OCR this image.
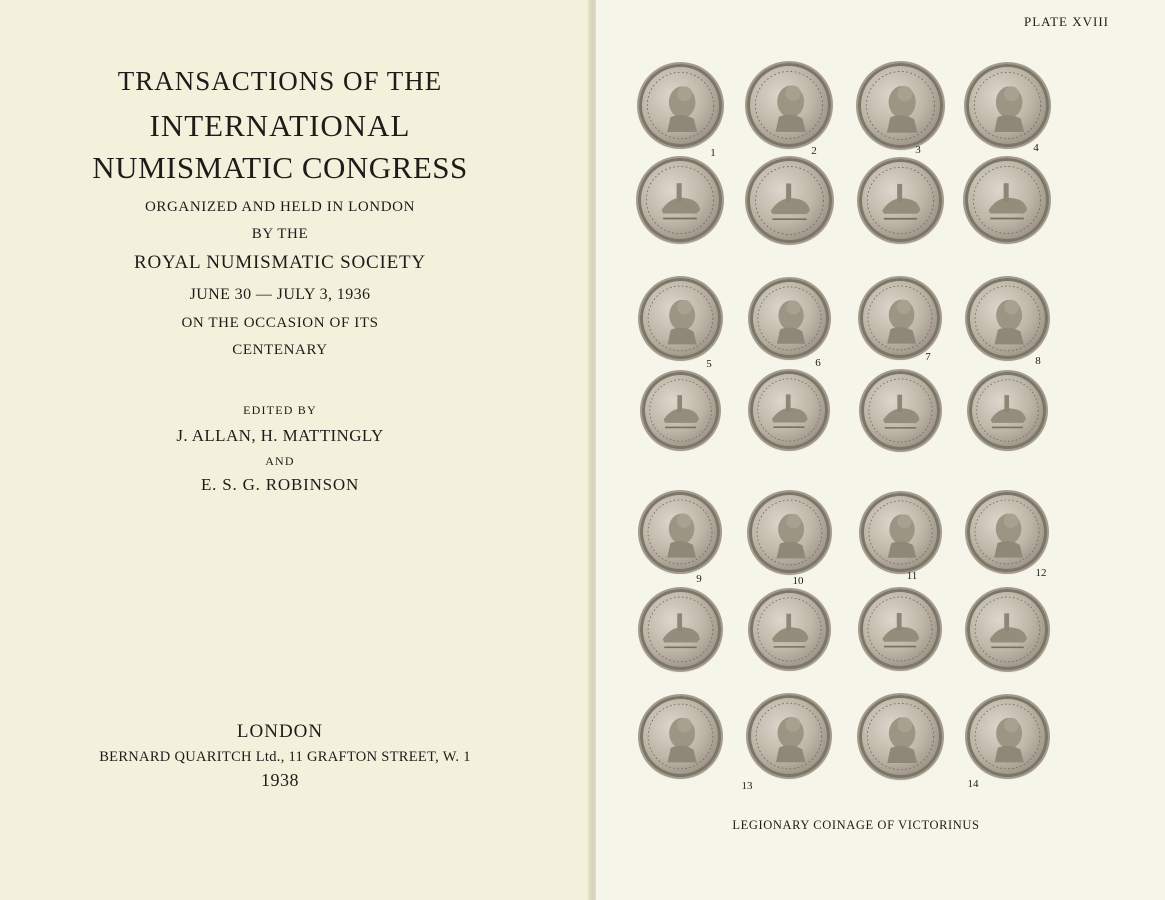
TRANSACTIONS OF THE
INTERNATIONAL
NUMISMATIC CONGRESS
ORGANIZED AND HELD IN LONDON
BY THE
ROYAL NUMISMATIC SOCIETY
JUNE 30 — JULY 3, 1936
ON THE OCCASION OF ITS
CENTENARY
EDITED BY
J. ALLAN, H. MATTINGLY
AND
E. S. G. ROBINSON
LONDON
BERNARD QUARITCH Ltd., 11 GRAFTON STREET, W. 1
1938
PLATE XVIII
1	2	3	4
5	6	7	8
9	10	11	12
13	14
LEGIONARY COINAGE OF VICTORINUS
